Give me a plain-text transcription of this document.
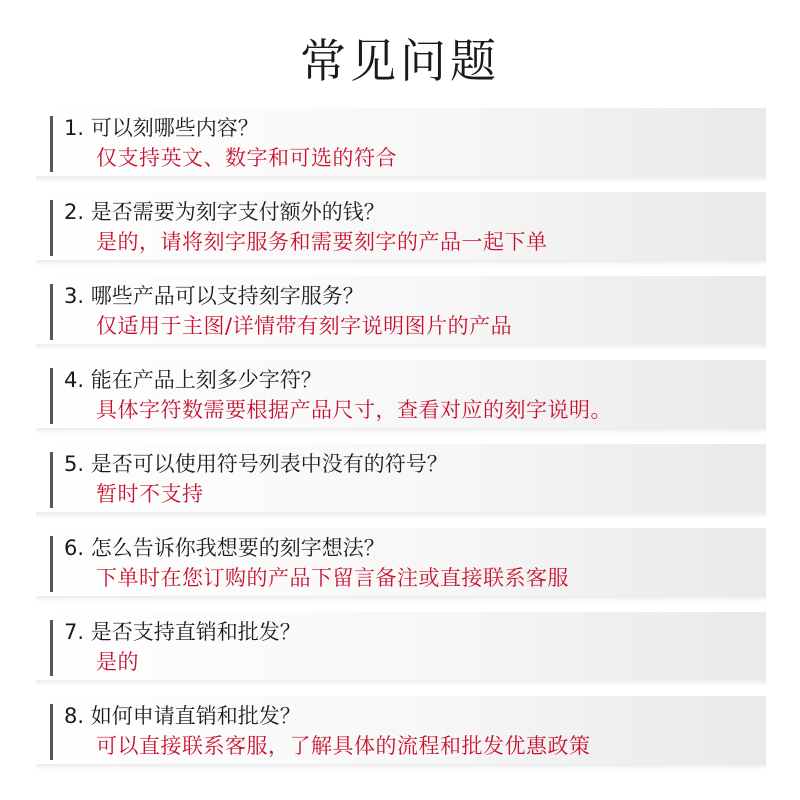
常见问题
1. 可以刻哪些内容？
仅支持英文、数字和可选的符合
2. 是否需要为刻字支付额外的钱？
是的，请将刻字服务和需要刻字的产品一起下单
3. 哪些产品可以支持刻字服务？
仅适用于主图/详情带有刻字说明图片的产品
4. 能在产品上刻多少字符？
具体字符数需要根据产品尺寸，查看对应的刻字说明。
5. 是否可以使用符号列表中没有的符号？
暂时不支持
6. 怎么告诉你我想要的刻字想法？
下单时在您订购的产品下留言备注或直接联系客服
7. 是否支持直销和批发？
是的
8. 如何申请直销和批发？
可以直接联系客服，了解具体的流程和批发优惠政策
